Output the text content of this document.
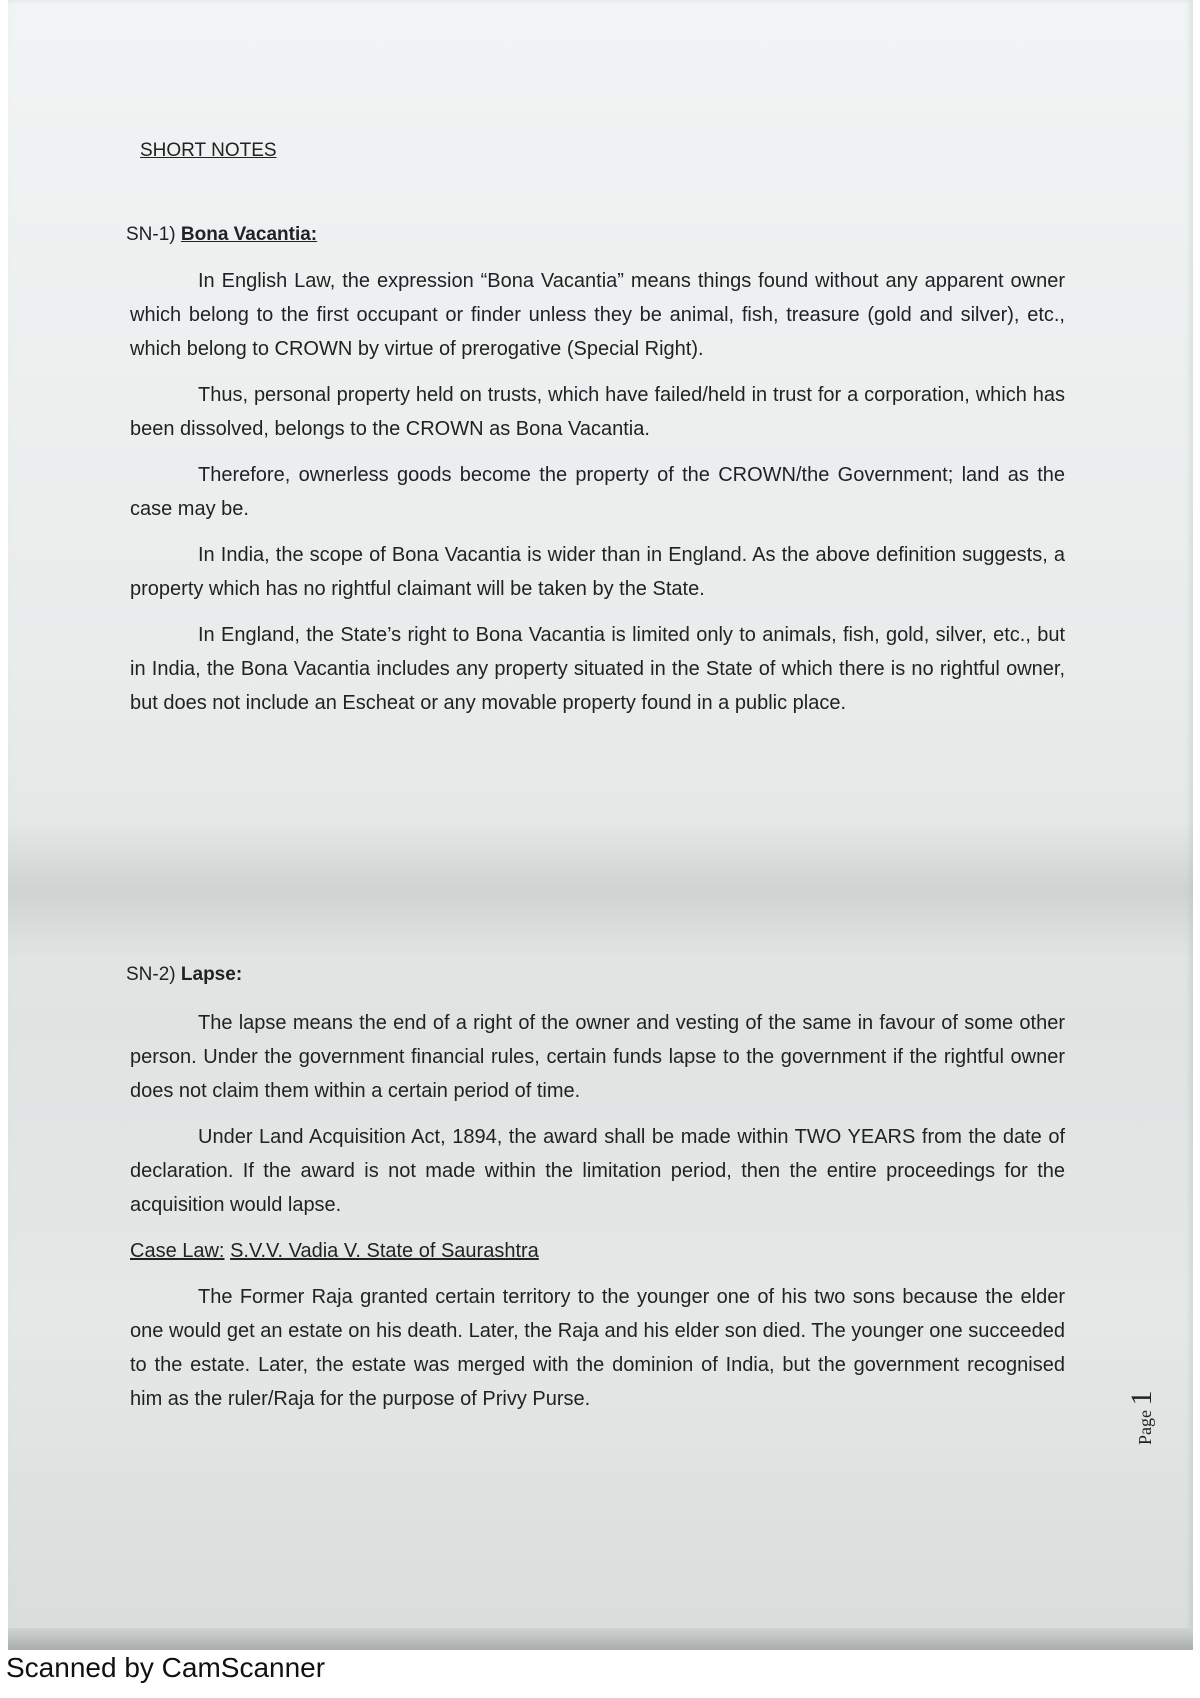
SHORT NOTES
SN-1) Bona Vacantia:

In English Law, the expression “Bona Vacantia” means things found without any apparent owner which belong to the first occupant or finder unless they be animal, fish, treasure (gold and silver), etc., which belong to CROWN by virtue of prerogative (Special Right).

Thus, personal property held on trusts, which have failed/held in trust for a corporation, which has been dissolved, belongs to the CROWN as Bona Vacantia.

Therefore, ownerless goods become the property of the CROWN/the Government; land as the case may be.

In India, the scope of Bona Vacantia is wider than in England. As the above definition suggests, a property which has no rightful claimant will be taken by the State.

In England, the State’s right to Bona Vacantia is limited only to animals, fish, gold, silver, etc., but in India, the Bona Vacantia includes any property situated in the State of which there is no rightful owner, but does not include an Escheat or any movable property found in a public place.

SN-2) Lapse:

The lapse means the end of a right of the owner and vesting of the same in favour of some other person. Under the government financial rules, certain funds lapse to the government if the rightful owner does not claim them within a certain period of time.

Under Land Acquisition Act, 1894, the award shall be made within TWO YEARS from the date of declaration. If the award is not made within the limitation period, then the entire proceedings for the acquisition would lapse.

Case Law: S.V.V. Vadia V. State of Saurashtra

The Former Raja granted certain territory to the younger one of his two sons because the elder one would get an estate on his death. Later, the Raja and his elder son died. The younger one succeeded to the estate. Later, the estate was merged with the dominion of India, but the government recognised him as the ruler/Raja for the purpose of Privy Purse.

Page 1
Scanned by CamScanner
